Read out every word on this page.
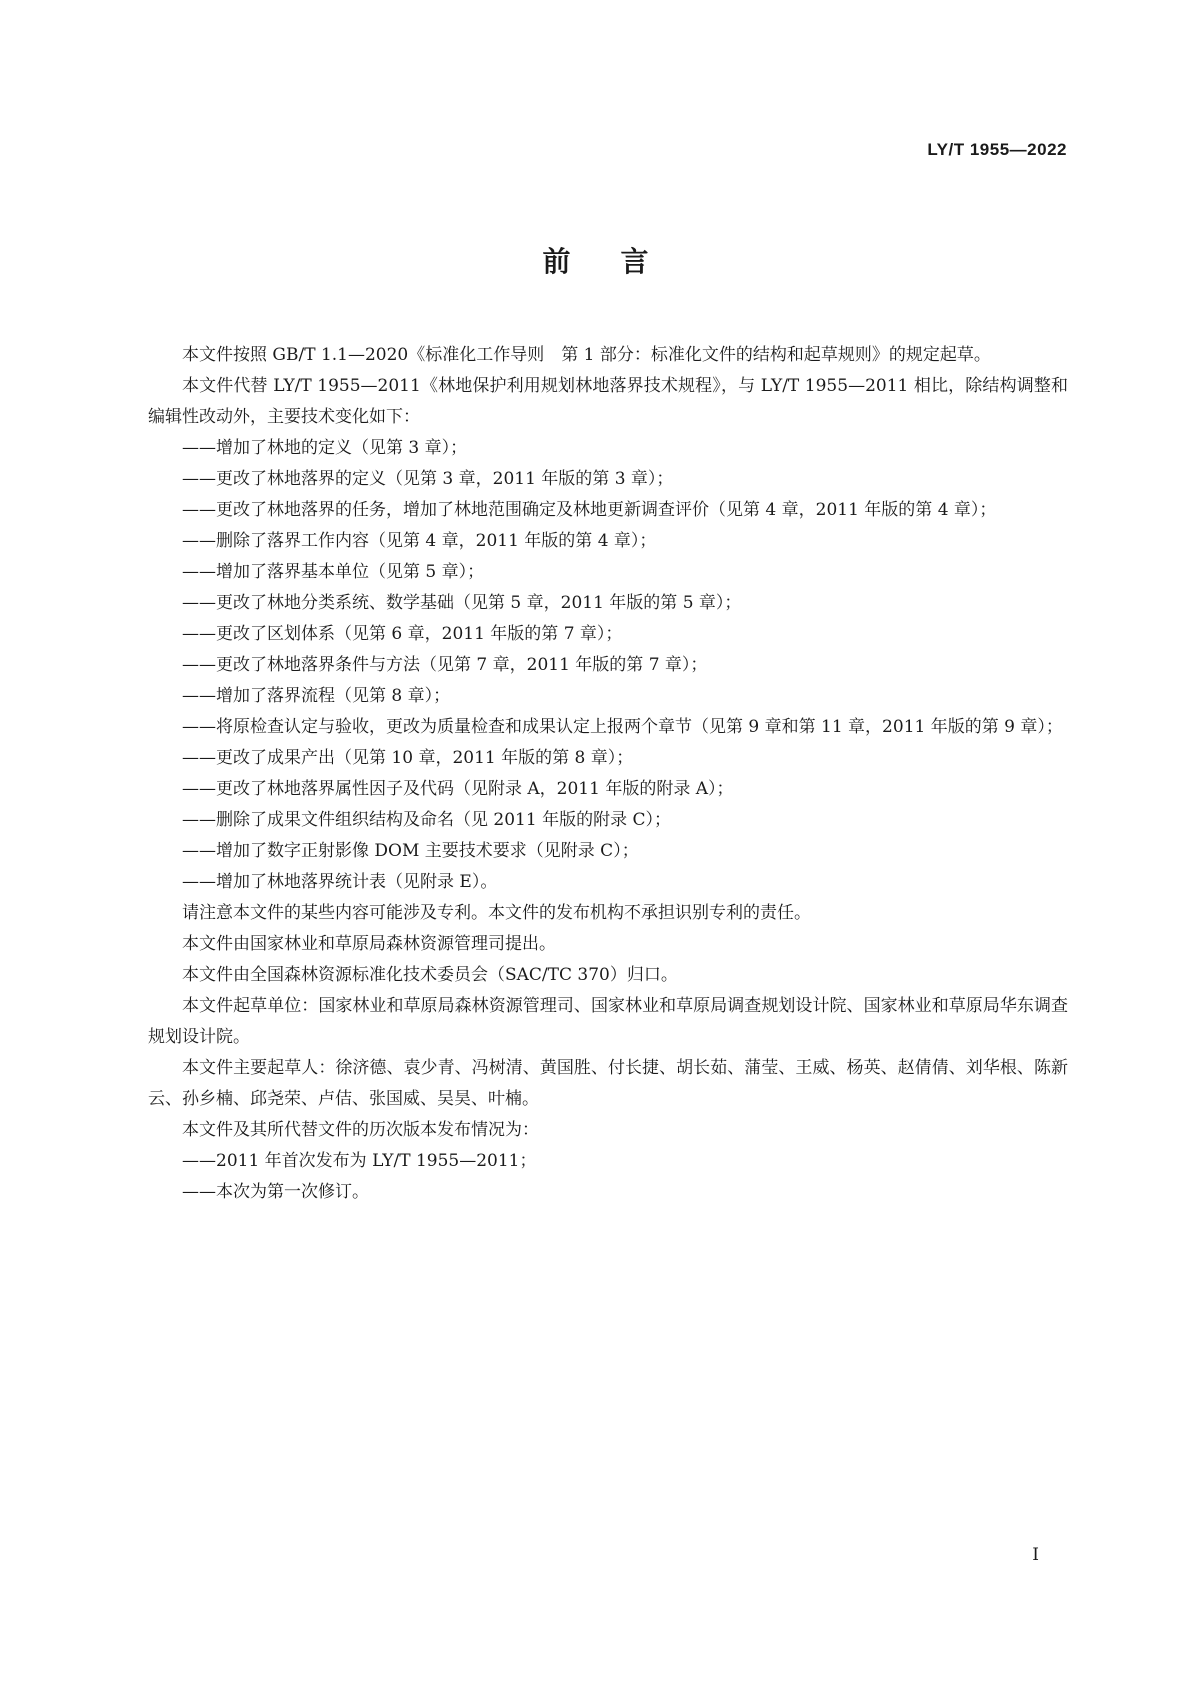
LY/T 1955—2022
前言

本文件按照 GB/T 1.1—2020《标准化工作导则　第 1 部分：标准化文件的结构和起草规则》的规定起草。

本文件代替 LY/T 1955—2011《林地保护利用规划林地落界技术规程》，与 LY/T 1955—2011 相比，除结构调整和编辑性改动外，主要技术变化如下：

——增加了林地的定义（见第 3 章）；

——更改了林地落界的定义（见第 3 章，2011 年版的第 3 章）；

——更改了林地落界的任务，增加了林地范围确定及林地更新调查评价（见第 4 章，2011 年版的第 4 章）；

——删除了落界工作内容（见第 4 章，2011 年版的第 4 章）；

——增加了落界基本单位（见第 5 章）；

——更改了林地分类系统、数学基础（见第 5 章，2011 年版的第 5 章）；

——更改了区划体系（见第 6 章，2011 年版的第 7 章）；

——更改了林地落界条件与方法（见第 7 章，2011 年版的第 7 章）；

——增加了落界流程（见第 8 章）；

——将原检查认定与验收，更改为质量检查和成果认定上报两个章节（见第 9 章和第 11 章，2011 年版的第 9 章）；

——更改了成果产出（见第 10 章，2011 年版的第 8 章）；

——更改了林地落界属性因子及代码（见附录 A，2011 年版的附录 A）；

——删除了成果文件组织结构及命名（见 2011 年版的附录 C）；

——增加了数字正射影像 DOM 主要技术要求（见附录 C）；

——增加了林地落界统计表（见附录 E）。

请注意本文件的某些内容可能涉及专利。本文件的发布机构不承担识别专利的责任。

本文件由国家林业和草原局森林资源管理司提出。

本文件由全国森林资源标准化技术委员会（SAC/TC 370）归口。

本文件起草单位：国家林业和草原局森林资源管理司、国家林业和草原局调查规划设计院、国家林业和草原局华东调查规划设计院。

本文件主要起草人：徐济德、袁少青、冯树清、黄国胜、付长捷、胡长茹、蒲莹、王威、杨英、赵倩倩、刘华根、陈新云、孙乡楠、邱尧荣、卢佶、张国威、吴昊、叶楠。

本文件及其所代替文件的历次版本发布情况为：

——2011 年首次发布为 LY/T 1955—2011；

——本次为第一次修订。

I
